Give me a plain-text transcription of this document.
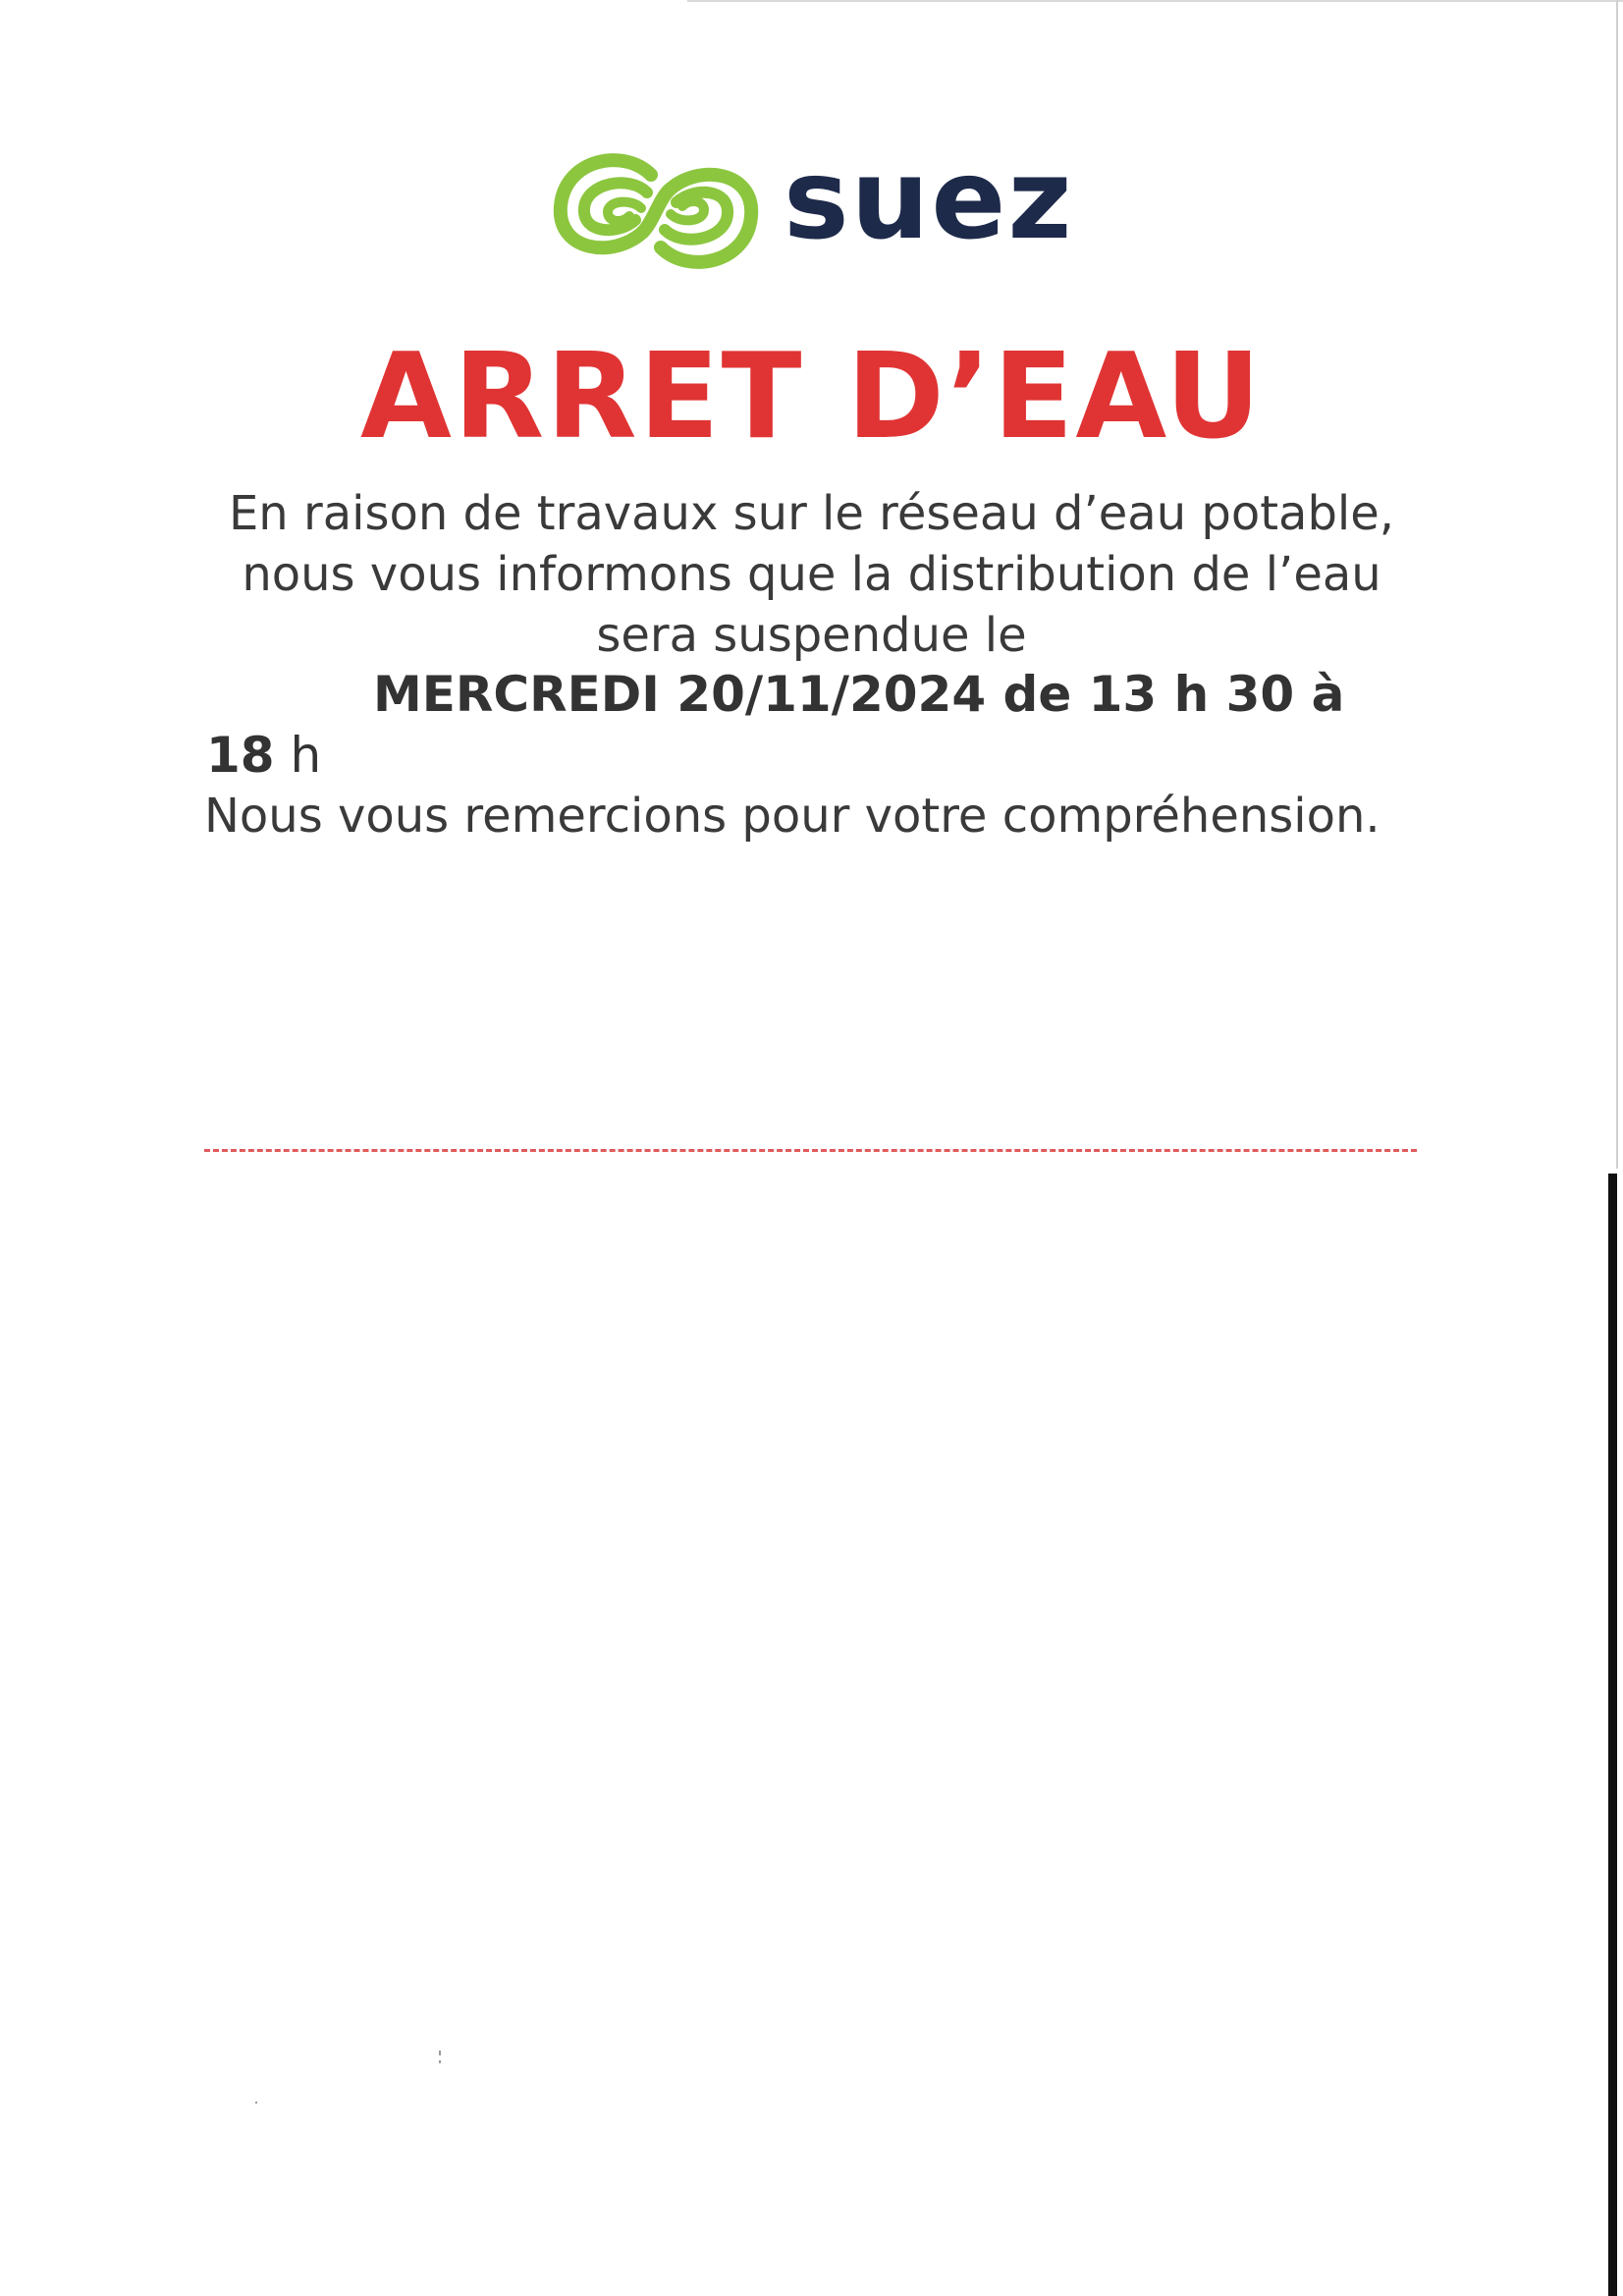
suez
ARRET D’EAU
En raison de travaux sur le réseau d’eau potable,
nous vous informons que la distribution de l’eau
sera suspendue le
MERCREDI 20/11/2024 de 13 h 30 à
18 h
Nous vous remercions pour votre compréhension.
